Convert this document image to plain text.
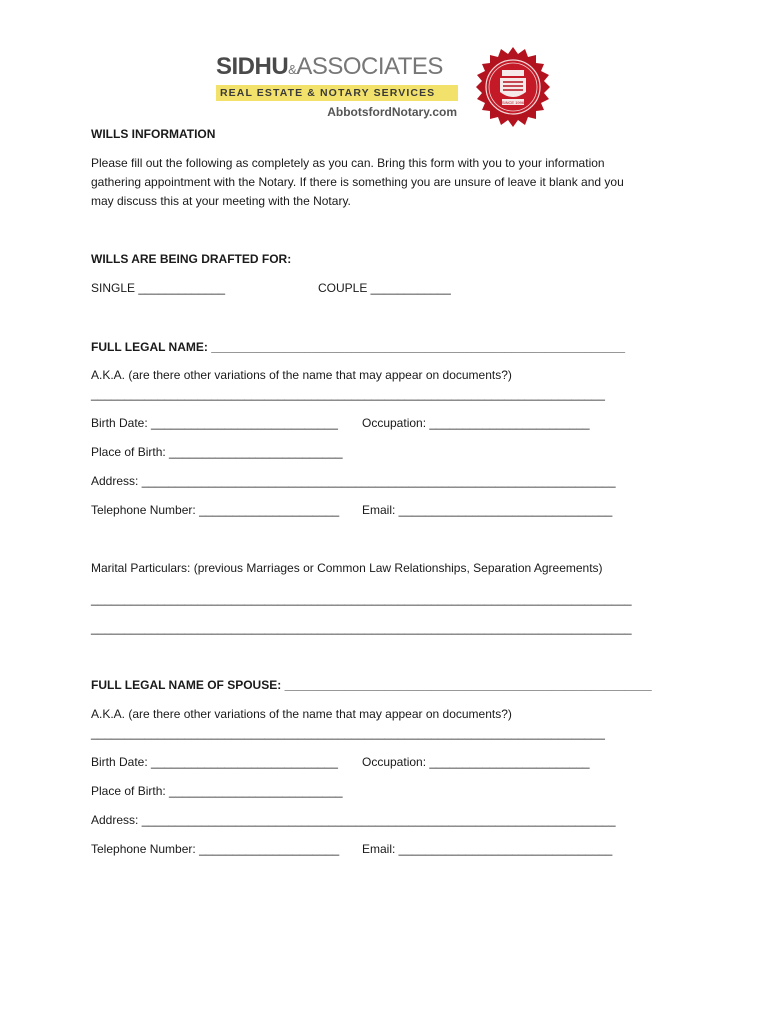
SIDHU&ASSOCIATES
REAL ESTATE & NOTARY SERVICES
AbbotsfordNotary.com
SINCE 1996
WILLS INFORMATION
Please fill out the following as completely as you can. Bring this form with you to your information
gathering appointment with the Notary. If there is something you are unsure of leave it blank and you
may discuss this at your meeting with the Notary.
WILLS ARE BEING DRAFTED FOR:
SINGLE _____________	COUPLE ____________
FULL LEGAL NAME: ______________________________________________________________
A.K.A. (are there other variations of the name that may appear on documents?)
_____________________________________________________________________________
Birth Date: ____________________________ Occupation: ________________________
Place of Birth: __________________________
Address: _______________________________________________________________________
Telephone Number: _____________________ Email: ________________________________
Marital Particulars: (previous Marriages or Common Law Relationships, Separation Agreements)
_________________________________________________________________________________
_________________________________________________________________________________
FULL LEGAL NAME OF SPOUSE: _______________________________________________________
A.K.A. (are there other variations of the name that may appear on documents?)
_____________________________________________________________________________
Birth Date: ____________________________ Occupation: ________________________
Place of Birth: __________________________
Address: _______________________________________________________________________
Telephone Number: _____________________ Email: ________________________________
